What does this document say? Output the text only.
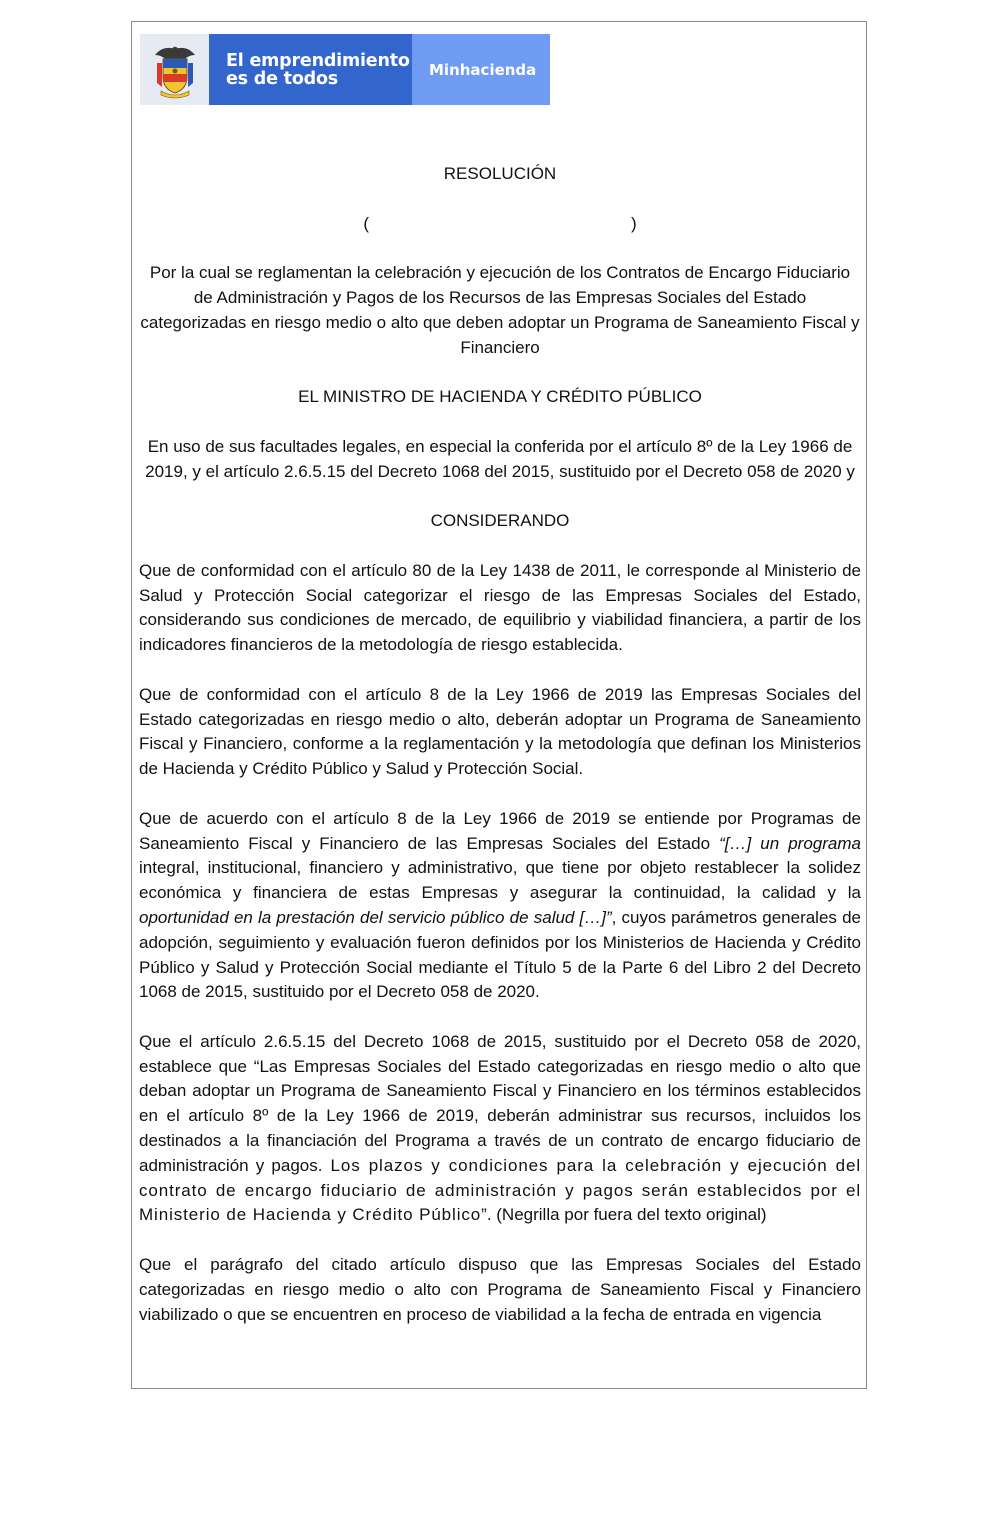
El emprendimiento
es de todos	Minhacienda

RESOLUCIÓN

(	)

Por la cual se reglamentan la celebración y ejecución de los Contratos de Encargo Fiduciario de Administración y Pagos de los Recursos de las Empresas Sociales del Estado categorizadas en riesgo medio o alto que deben adoptar un Programa de Saneamiento Fiscal y Financiero

EL MINISTRO DE HACIENDA Y CRÉDITO PÚBLICO

En uso de sus facultades legales, en especial la conferida por el artículo 8º de la Ley 1966 de 2019, y el artículo 2.6.5.15 del Decreto 1068 del 2015, sustituido por el Decreto 058 de 2020 y

CONSIDERANDO

Que de conformidad con el artículo 80 de la Ley 1438 de 2011, le corresponde al Ministerio de Salud y Protección Social categorizar el riesgo de las Empresas Sociales del Estado, considerando sus condiciones de mercado, de equilibrio y viabilidad financiera, a partir de los indicadores financieros de la metodología de riesgo establecida.

Que de conformidad con el artículo 8 de la Ley 1966 de 2019 las Empresas Sociales del Estado categorizadas en riesgo medio o alto, deberán adoptar un Programa de Saneamiento Fiscal y Financiero, conforme a la reglamentación y la metodología que definan los Ministerios de Hacienda y Crédito Público y Salud y Protección Social.

Que de acuerdo con el artículo 8 de la Ley 1966 de 2019 se entiende por Programas de Saneamiento Fiscal y Financiero de las Empresas Sociales del Estado “[…] un programa integral, institucional, financiero y administrativo, que tiene por objeto restablecer la solidez económica y financiera de estas Empresas y asegurar la continuidad, la calidad y la oportunidad en la prestación del servicio público de salud […]”, cuyos parámetros generales de adopción, seguimiento y evaluación fueron definidos por los Ministerios de Hacienda y Crédito Público y Salud y Protección Social mediante el Título 5 de la Parte 6 del Libro 2 del Decreto 1068 de 2015, sustituido por el Decreto 058 de 2020.

Que el artículo 2.6.5.15 del Decreto 1068 de 2015, sustituido por el Decreto 058 de 2020, establece que “Las Empresas Sociales del Estado categorizadas en riesgo medio o alto que deban adoptar un Programa de Saneamiento Fiscal y Financiero en los términos establecidos en el artículo 8º de la Ley 1966 de 2019, deberán administrar sus recursos, incluidos los destinados a la financiación del Programa a través de un contrato de encargo fiduciario de administración y pagos. Los plazos y condiciones para la celebración y ejecución del contrato de encargo fiduciario de administración y pagos serán establecidos por el Ministerio de Hacienda y Crédito Público”. (Negrilla por fuera del texto original)

Que el parágrafo del citado artículo dispuso que las Empresas Sociales del Estado categorizadas en riesgo medio o alto con Programa de Saneamiento Fiscal y Financiero viabilizado o que se encuentren en proceso de viabilidad a la fecha de entrada en vigencia
